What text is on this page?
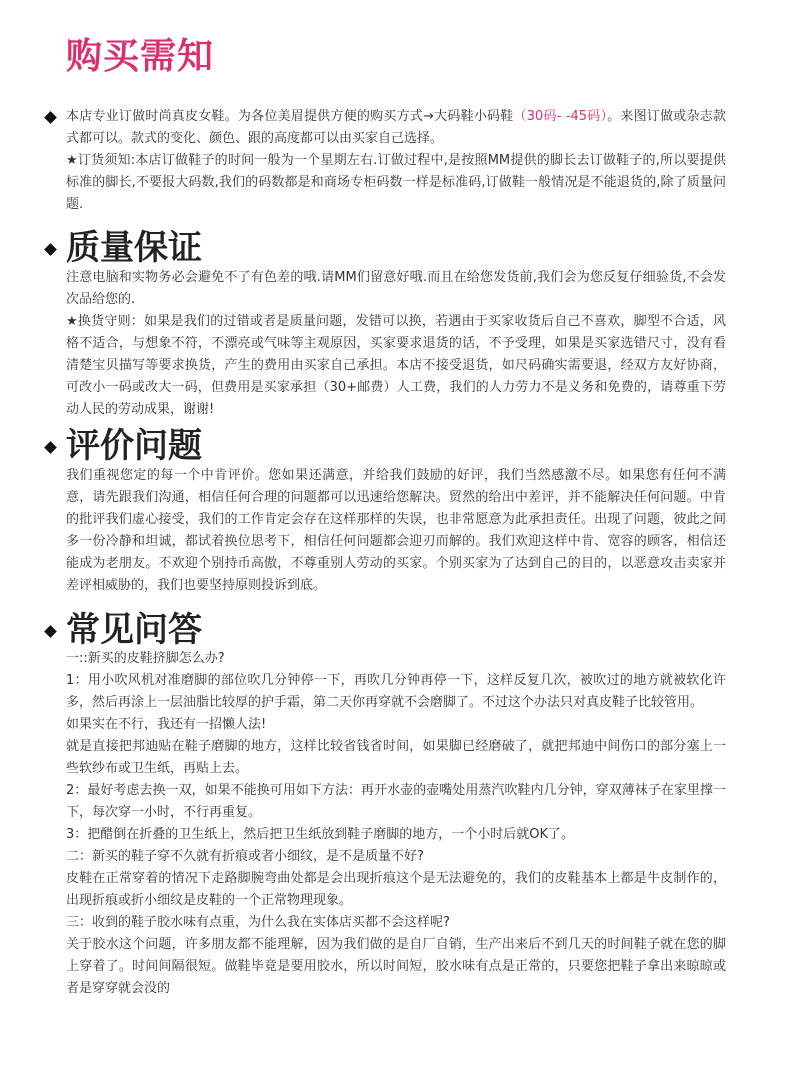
购买需知

本店专业订做时尚真皮女鞋。为各位美眉提供方便的购买方式→大码鞋小码鞋（30码- -45码）。来图订做或杂志款式都可以。款式的变化、颜色、跟的高度都可以由买家自己选择。

★订货须知:本店订做鞋子的时间一般为一个星期左右.订做过程中,是按照MM提供的脚长去订做鞋子的,所以要提供标准的脚长,不要报大码数,我们的码数都是和商场专柜码数一样是标准码,订做鞋一般情况是不能退货的,除了质量问题.

质量保证

注意电脑和实物务必会避免不了有色差的哦.请MM们留意好哦.而且在给您发货前,我们会为您反复仔细验货,不会发次品给您的.

★换货守则：如果是我们的过错或者是质量问题，发错可以换，若遇由于买家收货后自己不喜欢，脚型不合适，风格不适合，与想象不符，不漂亮或气味等主观原因，买家要求退货的话，不予受理，如果是买家选错尺寸，没有看清楚宝贝描写等要求换货，产生的费用由买家自己承担。本店不接受退货，如尺码确实需要退，经双方友好协商，可改小一码或改大一码，但费用是买家承担（30+邮费）人工费，我们的人力劳力不是义务和免费的，请尊重下劳动人民的劳动成果，谢谢!

评价问题

我们重视您定的每一个中肯评价。您如果还满意，并给我们鼓励的好评，我们当然感激不尽。如果您有任何不满意，请先跟我们沟通，相信任何合理的问题都可以迅速给您解决。贸然的给出中差评，并不能解决任何问题。中肯的批评我们虚心接受，我们的工作肯定会存在这样那样的失误，也非常愿意为此承担责任。出现了问题，彼此之间多一份冷静和坦诚，都试着换位思考下，相信任何问题都会迎刃而解的。我们欢迎这样中肯、宽容的顾客，相信还能成为老朋友。不欢迎个别持币高傲，不尊重别人劳动的买家。个别买家为了达到自己的目的，以恶意攻击卖家并差评相威胁的，我们也要坚持原则投诉到底。

常见问答

一::新买的皮鞋挤脚怎么办?

1：用小吹风机对准磨脚的部位吹几分钟停一下，再吹几分钟再停一下，这样反复几次，被吹过的地方就被软化许多，然后再涂上一层油脂比较厚的护手霜，第二天你再穿就不会磨脚了。不过这个办法只对真皮鞋子比较管用。

如果实在不行，我还有一招懒人法!

就是直接把邦迪贴在鞋子磨脚的地方，这样比较省钱省时间，如果脚已经磨破了，就把邦迪中间伤口的部分塞上一些软纱布或卫生纸，再贴上去。

2：最好考虑去换一双，如果不能换可用如下方法：再开水壶的壶嘴处用蒸汽吹鞋内几分钟，穿双薄袜子在家里撑一下，每次穿一小时，不行再重复。

3：把醋倒在折叠的卫生纸上，然后把卫生纸放到鞋子磨脚的地方，一个小时后就OK了。

二：新买的鞋子穿不久就有折痕或者小细纹，是不是质量不好?

皮鞋在正常穿着的情况下走路脚腕弯曲处都是会出现折痕这个是无法避免的，我们的皮鞋基本上都是牛皮制作的，出现折痕或折小细纹是皮鞋的一个正常物理现象。

三：收到的鞋子胶水味有点重，为什么我在实体店买都不会这样呢?

关于胶水这个问题，许多朋友都不能理解，因为我们做的是自厂自销，生产出来后不到几天的时间鞋子就在您的脚上穿着了。时间间隔很短。做鞋毕竟是要用胶水，所以时间短，胶水味有点是正常的，只要您把鞋子拿出来晾晾或者是穿穿就会没的
